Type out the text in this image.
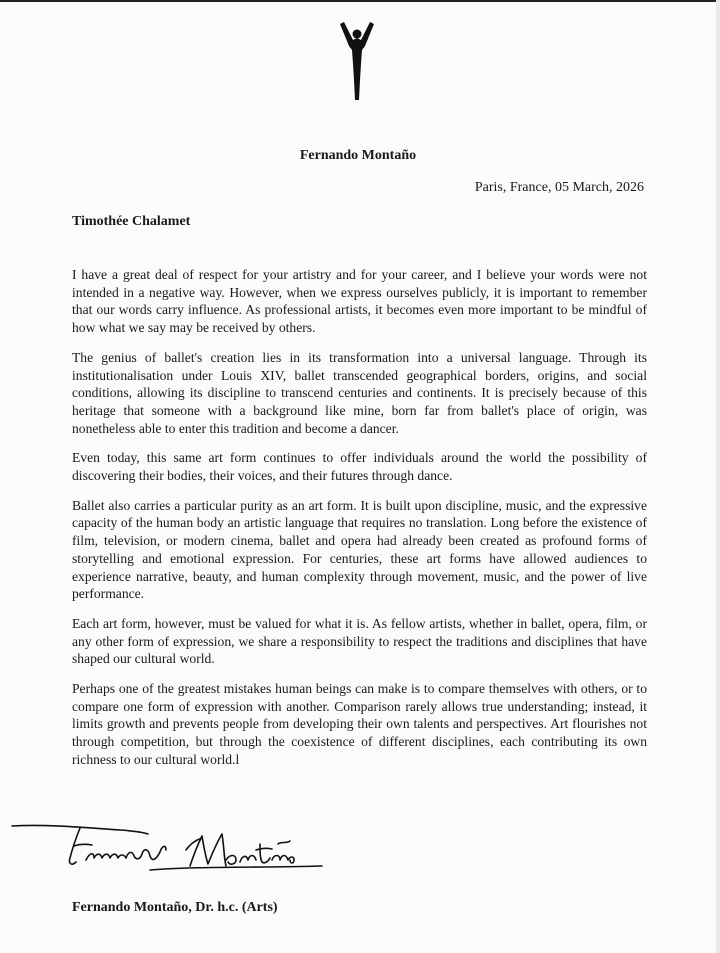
Fernando Montaño
Paris, France, 05 March, 2026
Timothée Chalamet

I have a great deal of respect for your artistry and for your career, and I believe your words were not intended in a negative way. However, when we express ourselves publicly, it is important to remember that our words carry influence. As professional artists, it becomes even more important to be mindful of how what we say may be received by others.

The genius of ballet's creation lies in its transformation into a universal language. Through its institutionalisation under Louis XIV, ballet transcended geographical borders, origins, and social conditions, allowing its discipline to transcend centuries and continents. It is precisely because of this heritage that someone with a background like mine, born far from ballet's place of origin, was nonetheless able to enter this tradition and become a dancer.

Even today, this same art form continues to offer individuals around the world the possibility of discovering their bodies, their voices, and their futures through dance.

Ballet also carries a particular purity as an art form. It is built upon discipline, music, and the expressive capacity of the human body an artistic language that requires no translation. Long before the existence of film, television, or modern cinema, ballet and opera had already been created as profound forms of storytelling and emotional expression. For centuries, these art forms have allowed audiences to experience narrative, beauty, and human complexity through movement, music, and the power of live performance.

Each art form, however, must be valued for what it is. As fellow artists, whether in ballet, opera, film, or any other form of expression, we share a responsibility to respect the traditions and disciplines that have shaped our cultural world.

Perhaps one of the greatest mistakes human beings can make is to compare themselves with others, or to compare one form of expression with another. Comparison rarely allows true understanding; instead, it limits growth and prevents people from developing their own talents and perspectives. Art flourishes not through competition, but through the coexistence of different disciplines, each contributing its own richness to our cultural world.l

Fernando Montaño, Dr. h.c. (Arts)
